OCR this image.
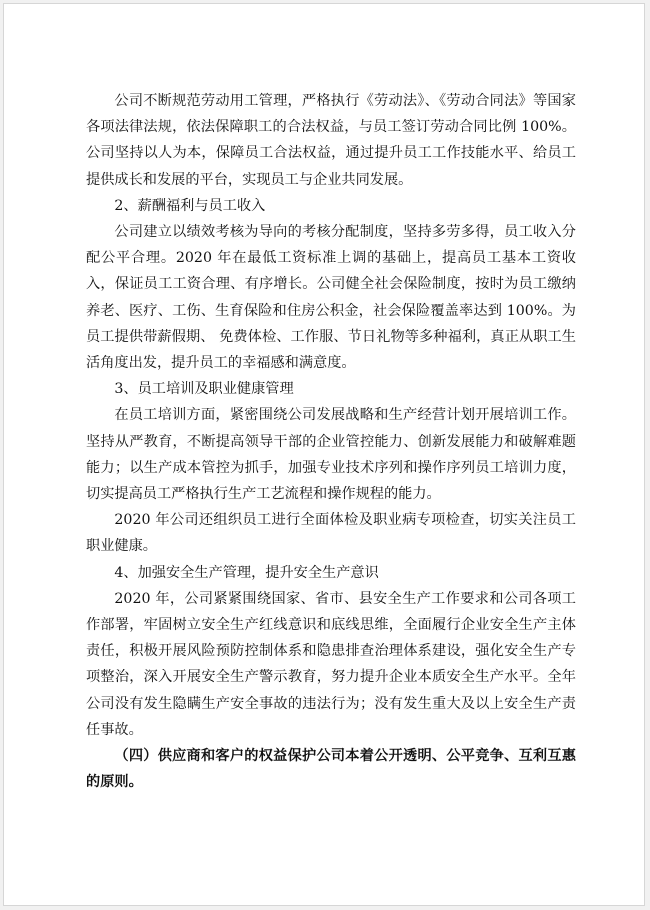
公司不断规范劳动用工管理，严格执行《劳动法》、《劳动合同法》等国家各项法律法规，依法保障职工的合法权益，与员工签订劳动合同比例 100%。公司坚持以人为本，保障员工合法权益，通过提升员工工作技能水平、给员工提供成长和发展的平台，实现员工与企业共同发展。

2、薪酬福利与员工收入

公司建立以绩效考核为导向的考核分配制度，坚持多劳多得，员工收入分配公平合理。2020 年在最低工资标准上调的基础上，提高员工基本工资收入，保证员工工资合理、有序增长。公司健全社会保险制度，按时为员工缴纳养老、医疗、工伤、生育保险和住房公积金，社会保险覆盖率达到 100%。为员工提供带薪假期、 免费体检、工作服、节日礼物等多种福利，真正从职工生活角度出发，提升员工的幸福感和满意度。

3、员工培训及职业健康管理

在员工培训方面，紧密围绕公司发展战略和生产经营计划开展培训工作。坚持从严教育，不断提高领导干部的企业管控能力、创新发展能力和破解难题能力；以生产成本管控为抓手，加强专业技术序列和操作序列员工培训力度，切实提高员工严格执行生产工艺流程和操作规程的能力。

2020 年公司还组织员工进行全面体检及职业病专项检查，切实关注员工职业健康。

4、加强安全生产管理，提升安全生产意识

2020 年，公司紧紧围绕国家、省市、县安全生产工作要求和公司各项工作部署，牢固树立安全生产红线意识和底线思维，全面履行企业安全生产主体责任，积极开展风险预防控制体系和隐患排查治理体系建设，强化安全生产专项整治，深入开展安全生产警示教育，努力提升企业本质安全生产水平。全年公司没有发生隐瞒生产安全事故的违法行为；没有发生重大及以上安全生产责任事故。

（四）供应商和客户的权益保护公司本着公开透明、公平竞争、互利互惠的原则。
